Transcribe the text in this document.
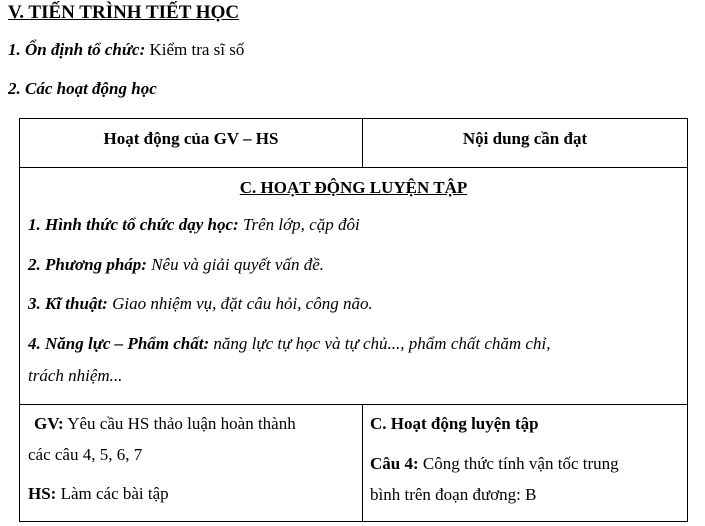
V. TIẾN TRÌNH TIẾT HỌC
1. Ổn định tổ chức: Kiểm tra sĩ số
2. Các hoạt động học
Hoạt động của GV – HS	Nội dung cần đạt
C. HOẠT ĐỘNG LUYỆN TẬP
1. Hình thức tổ chức dạy học: Trên lớp, cặp đôi
2. Phương pháp: Nêu và giải quyết vấn đề.
3. Kĩ thuật: Giao nhiệm vụ, đặt câu hỏi, công não.
4. Năng lực – Phẩm chất: năng lực tự học và tự chủ..., phẩm chất chăm chỉ,
trách nhiệm...
GV: Yêu cầu HS thảo luận hoàn thành
các câu 4, 5, 6, 7
HS: Làm các bài tập
C. Hoạt động luyện tập
Câu 4: Công thức tính vận tốc trung
bình trên đoạn đương: B
